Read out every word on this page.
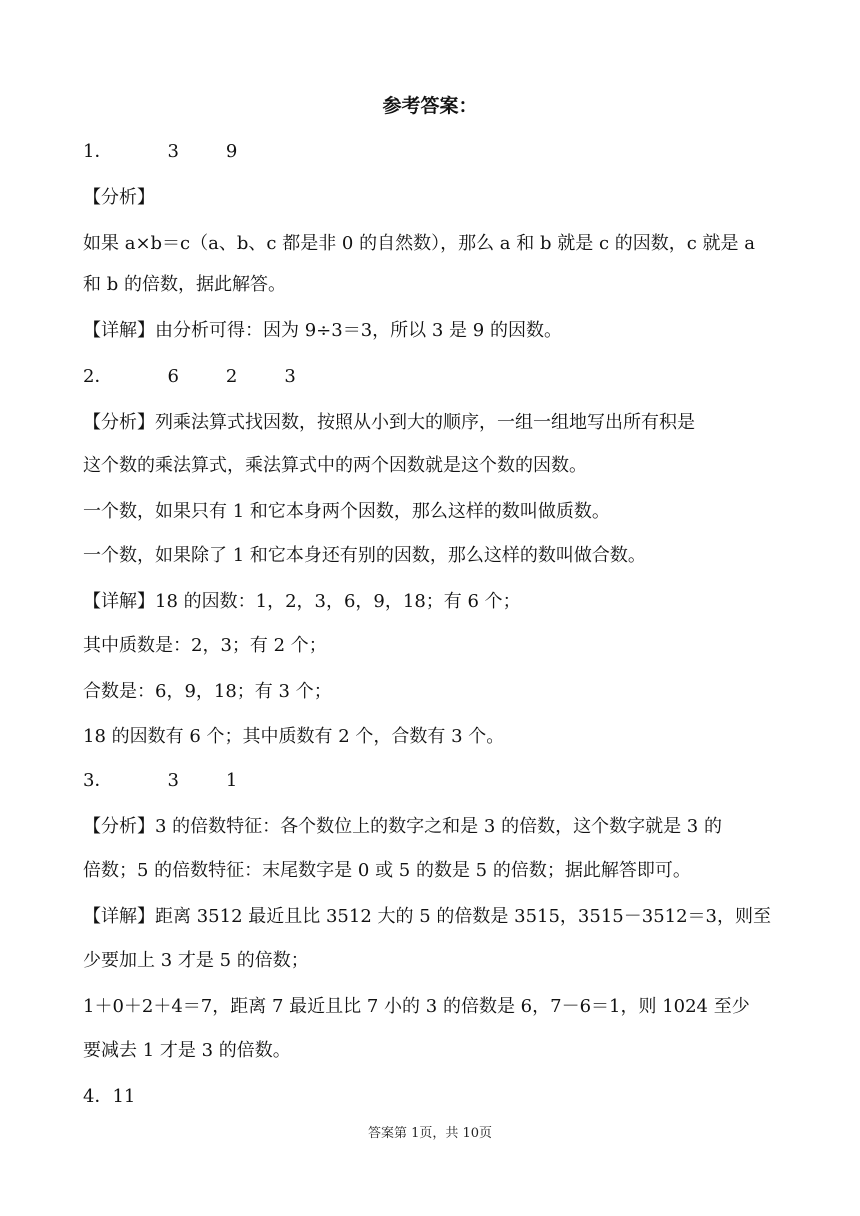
参考答案：
1．	3	9
【分析】
如果 a×b＝c（a、b、c 都是非 0 的自然数），那么 a 和 b 就是 c 的因数，c 就是 a
和 b 的倍数，据此解答。
【详解】由分析可得：因为 9÷3＝3，所以 3 是 9 的因数。
2．	6	2	3
【分析】列乘法算式找因数，按照从小到大的顺序，一组一组地写出所有积是
这个数的乘法算式，乘法算式中的两个因数就是这个数的因数。
一个数，如果只有 1 和它本身两个因数，那么这样的数叫做质数。
一个数，如果除了 1 和它本身还有别的因数，那么这样的数叫做合数。
【详解】18 的因数：1，2，3，6，9，18；有 6 个；
其中质数是：2，3；有 2 个；
合数是：6，9，18；有 3 个；
18 的因数有 6 个；其中质数有 2 个，合数有 3 个。
3．	3	1
【分析】3 的倍数特征：各个数位上的数字之和是 3 的倍数，这个数字就是 3 的
倍数；5 的倍数特征：末尾数字是 0 或 5 的数是 5 的倍数；据此解答即可。
【详解】距离 3512 最近且比 3512 大的 5 的倍数是 3515，3515－3512＝3，则至
少要加上 3 才是 5 的倍数；
1＋0＋2＋4＝7，距离 7 最近且比 7 小的 3 的倍数是 6，7－6＝1，则 1024 至少
要减去 1 才是 3 的倍数。
4．11
答案第 1页，共 10页
